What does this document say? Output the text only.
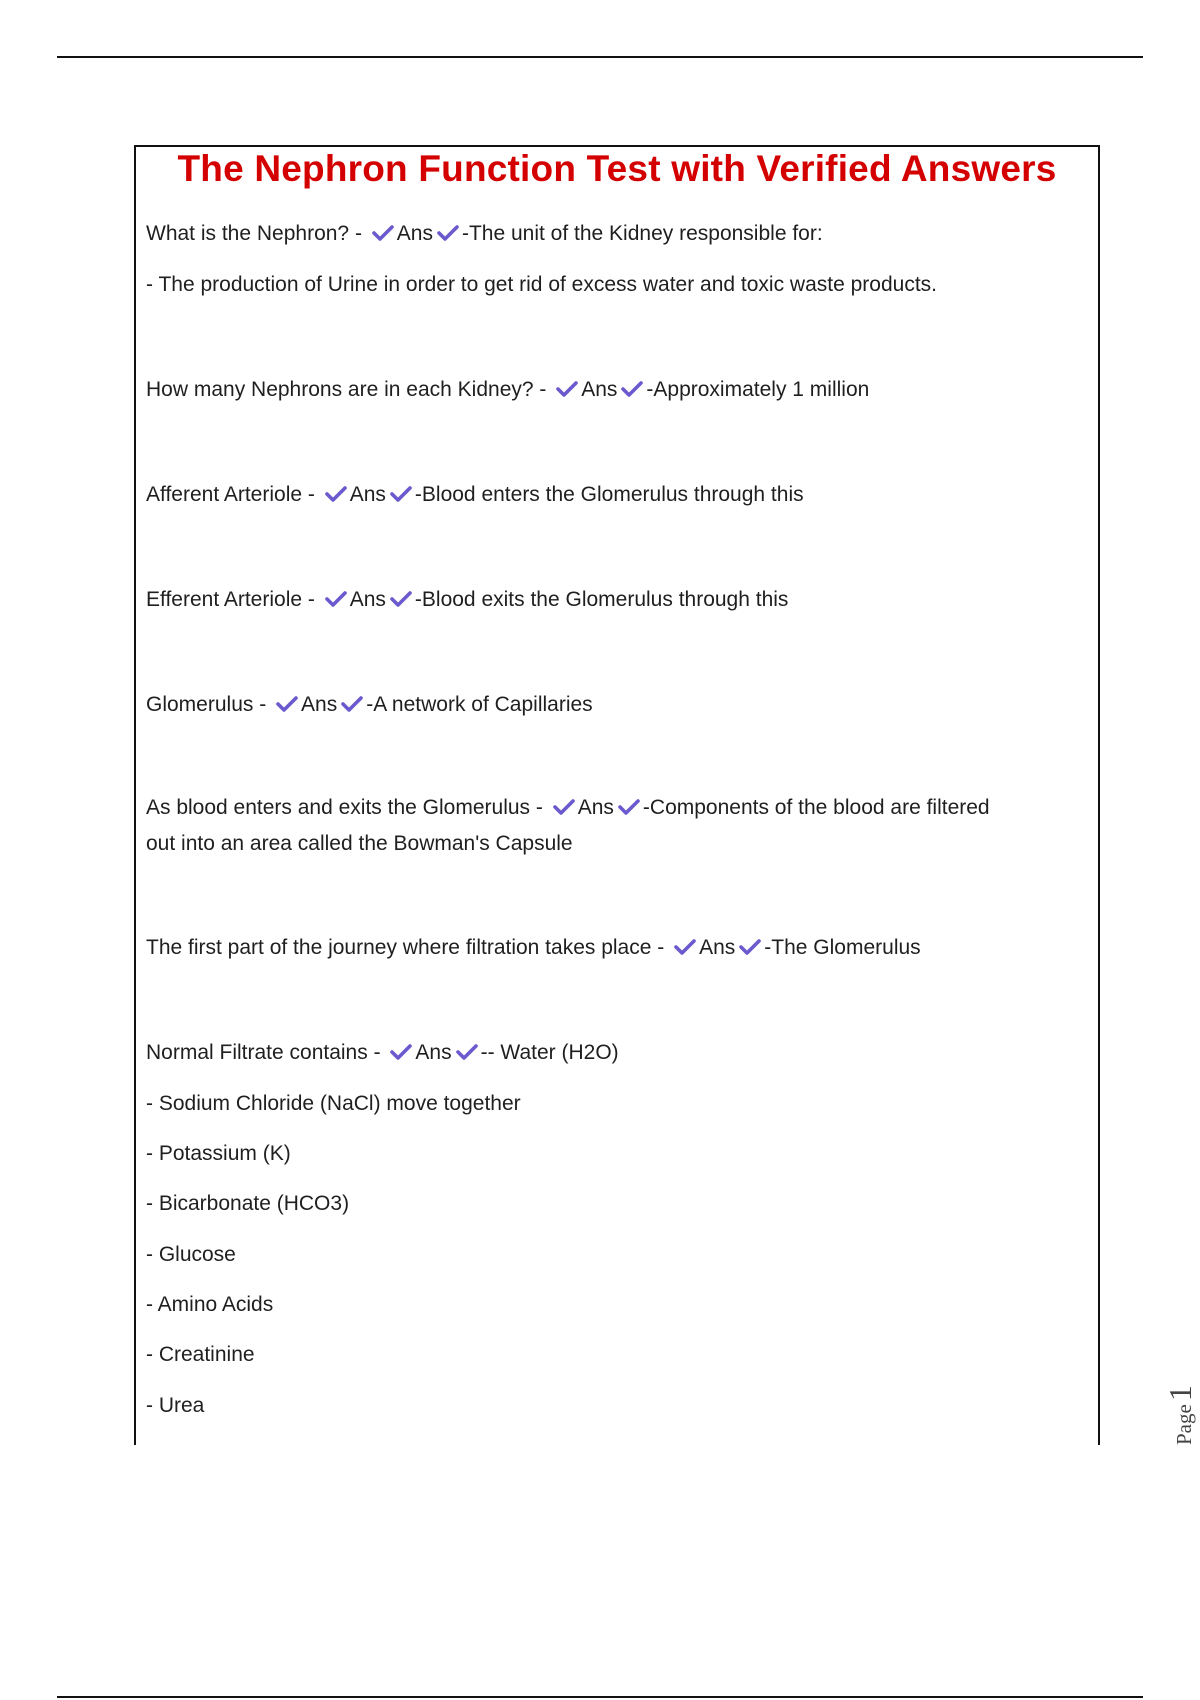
The Nephron Function Test with Verified Answers
What is the Nephron? - Ans -The unit of the Kidney responsible for:
- The production of Urine in order to get rid of excess water and toxic waste products.
How many Nephrons are in each Kidney? - Ans -Approximately 1 million
Afferent Arteriole - Ans -Blood enters the Glomerulus through this
Efferent Arteriole - Ans -Blood exits the Glomerulus through this
Glomerulus - Ans -A network of Capillaries
As blood enters and exits the Glomerulus - Ans -Components of the blood are filtered
out into an area called the Bowman's Capsule
The first part of the journey where filtration takes place - Ans -The Glomerulus
Normal Filtrate contains - Ans -- Water (H2O)
- Sodium Chloride (NaCl) move together
- Potassium (K)
- Bicarbonate (HCO3)
- Glucose
- Amino Acids
- Creatinine
- Urea	Page1
